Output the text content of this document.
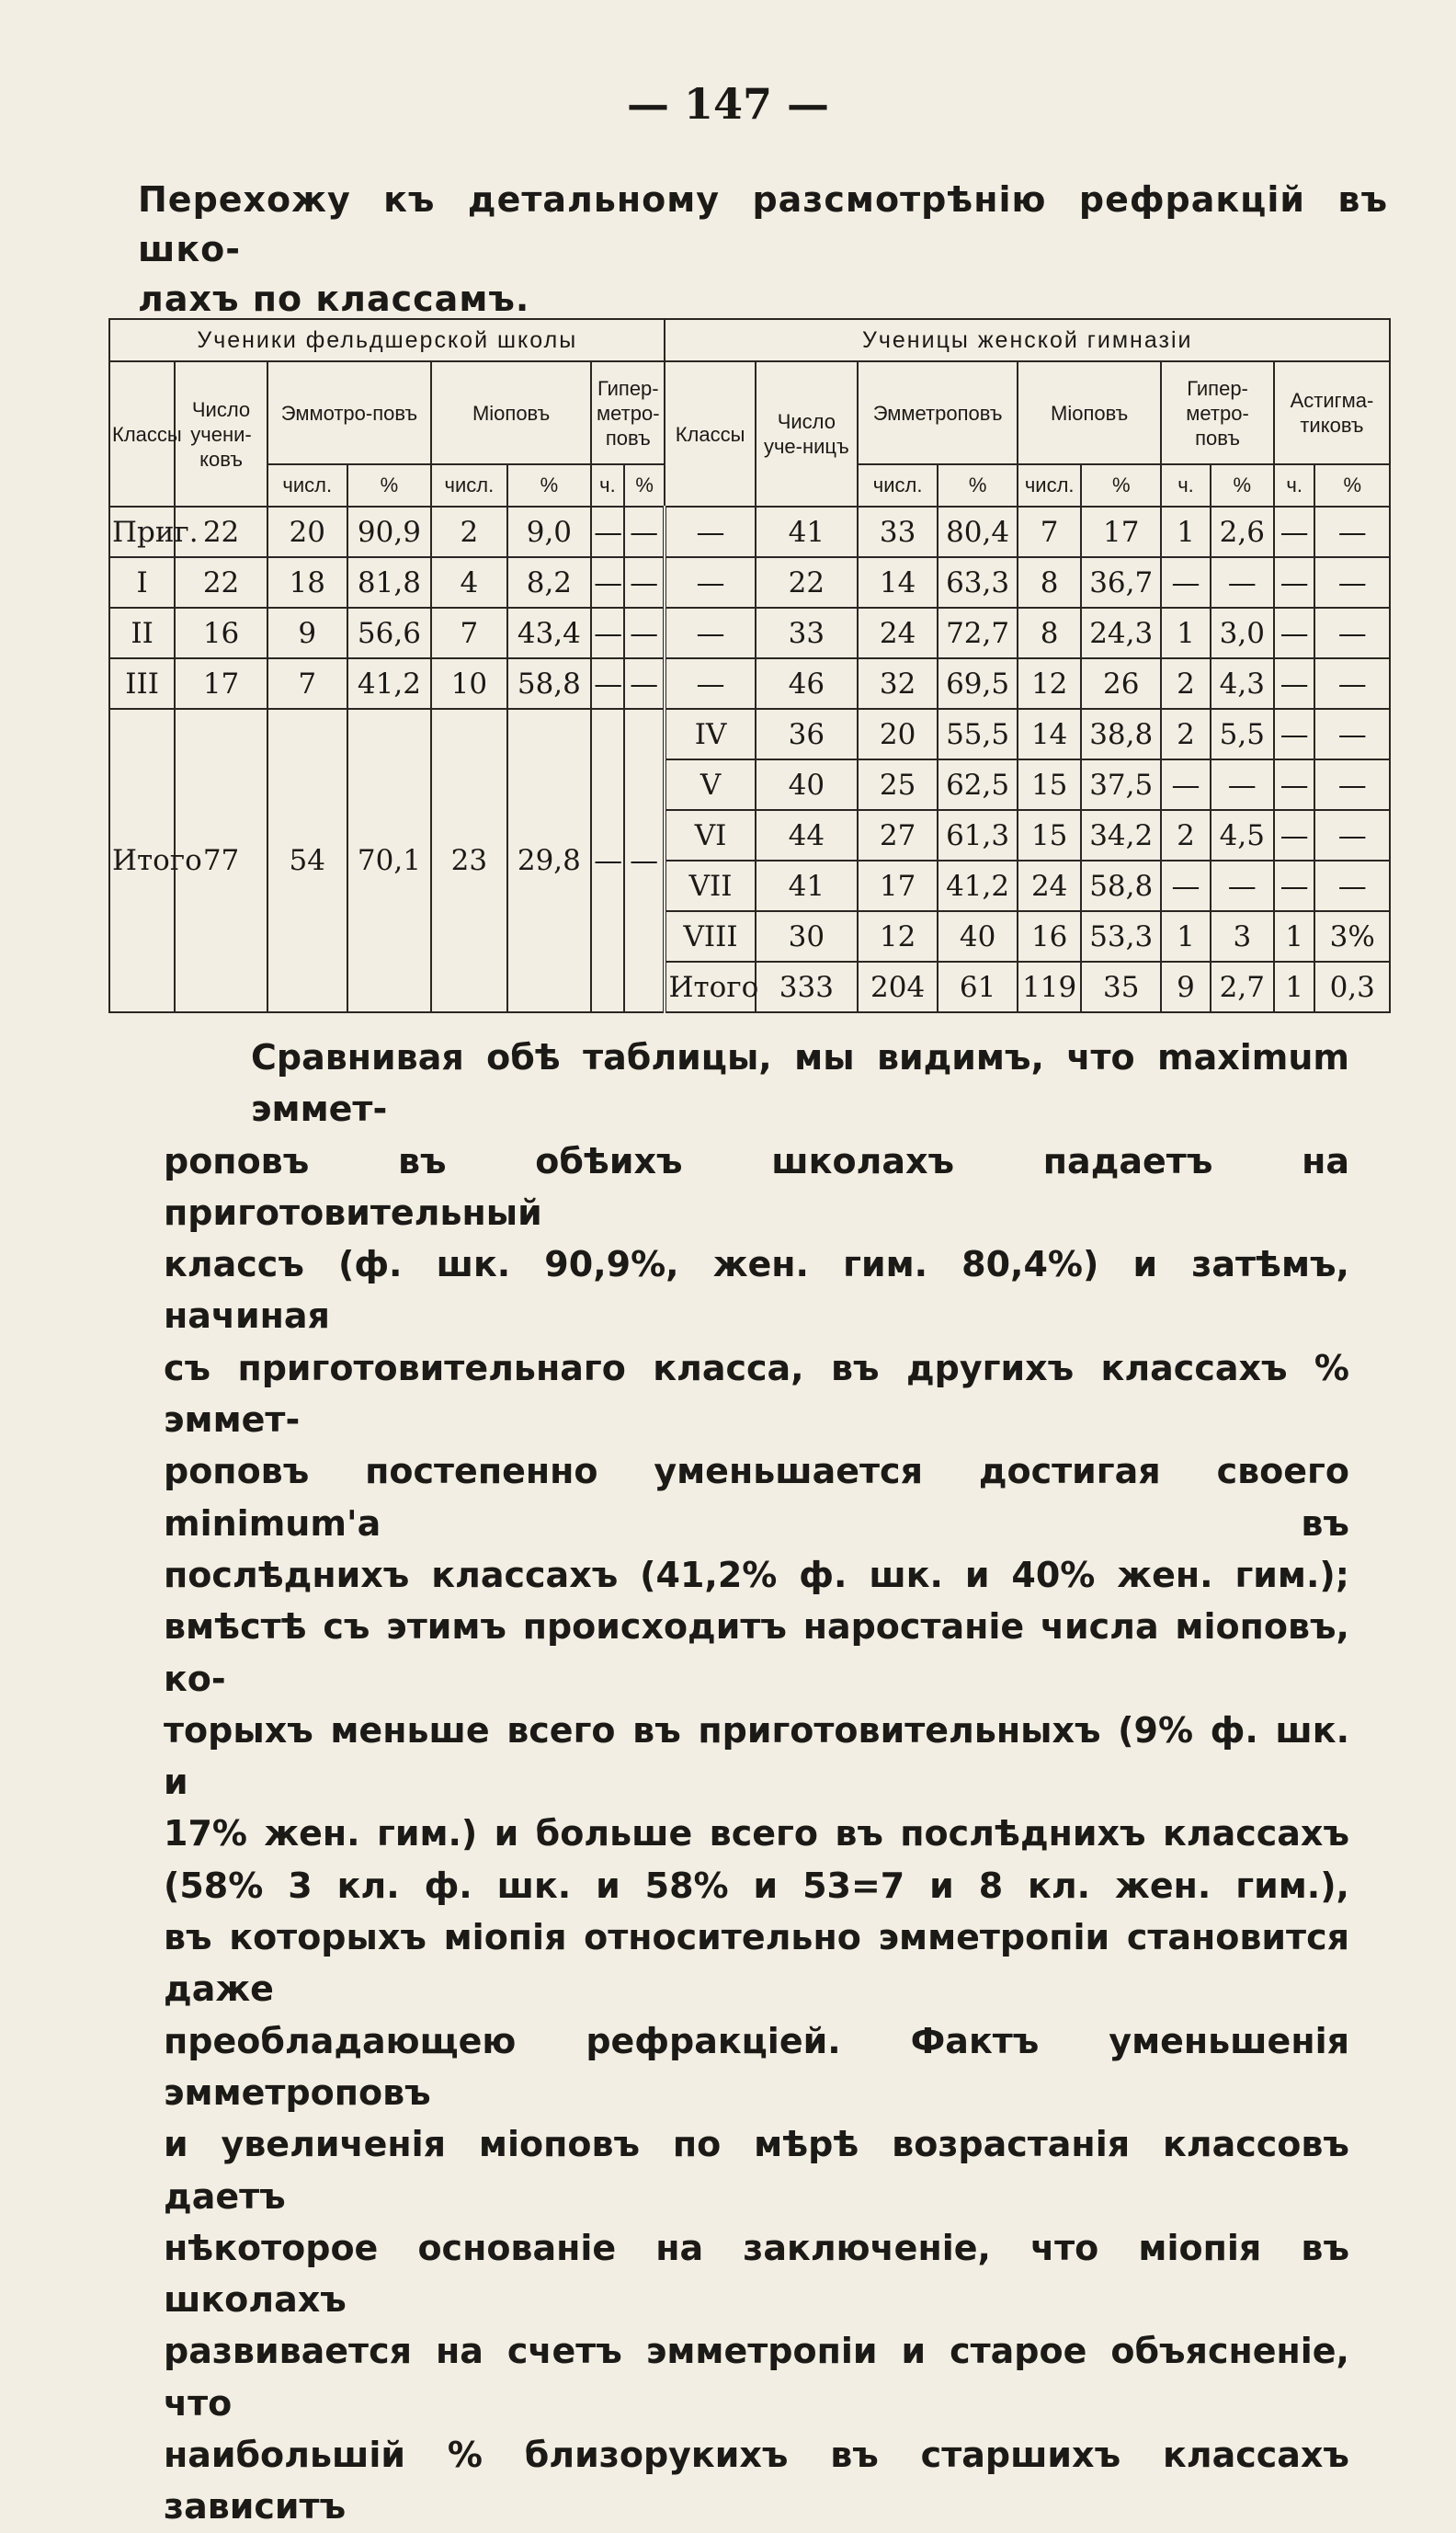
— 147 —
Перехожу къ детальному разсмотрѣнію рефракцій въ шко-
лахъ по классамъ.
Ученики фельдшерской школы								Ученицы женской гимназіи									
Классы	Число учени-ковъ	Эммотро-повъ		Міоповъ		Гипер-метро-повъ		Классы	Число уче-ницъ	Эмметроповъ		Міоповъ		Гипер-метро-повъ		Астигма-тиковъ	
		числ.	%	числ.	%	ч.	%			числ.	%	числ.	%	ч.	%	ч.	%
Приг.	22	20	90,9	2	9,0	—	—	—	41	33	80,4	7	17	1	2,6	—	—
I	22	18	81,8	4	8,2	—	—	—	22	14	63,3	8	36,7	—	—	—	—
II	16	9	56,6	7	43,4	—	—	—	33	24	72,7	8	24,3	1	3,0	—	—
III	17	7	41,2	10	58,8	—	—	—	46	32	69,5	12	26	2	4,3	—	—
Итого	77	54	70,1	23	29,8	—	—	IV	36	20	55,5	14	38,8	2	5,5	—	—
								V	40	25	62,5	15	37,5	—	—	—	—
								VI	44	27	61,3	15	34,2	2	4,5	—	—
								VII	41	17	41,2	24	58,8	—	—	—	—
								VIII	30	12	40	16	53,3	1	3	1	3%
								Итого	333	204	61	119	35	9	2,7	1	0,3

Сравнивая обѣ таблицы, мы видимъ, что maximum эммет-

роповъ въ обѣихъ школахъ падаетъ на приготовительный

классъ (ф. шк. 90,9%, жен. гим. 80,4%) и затѣмъ, начиная

съ приготовительнаго класса, въ другихъ классахъ % эммет-

роповъ постепенно уменьшается достигая своего minimum'а въ

послѣднихъ классахъ (41,2% ф. шк. и 40% жен. гим.);

вмѣстѣ съ этимъ происходитъ наростаніе числа міоповъ, ко-

торыхъ меньше всего въ приготовительныхъ (9% ф. шк. и

17% жен. гим.) и больше всего въ послѣднихъ классахъ

(58% 3 кл. ф. шк. и 58% и 53=7 и 8 кл. жен. гим.),

въ которыхъ міопія относительно эмметропіи становится даже

преобладающею рефракціей. Фактъ уменьшенія эмметроповъ

и увеличенія міоповъ по мѣрѣ возрастанія классовъ даетъ

нѣкоторое основаніе на заключеніе, что міопія въ школахъ

развивается на счетъ эмметропіи и старое объясненіе, что

наибольшій % близорукихъ въ старшихъ классахъ зависитъ
